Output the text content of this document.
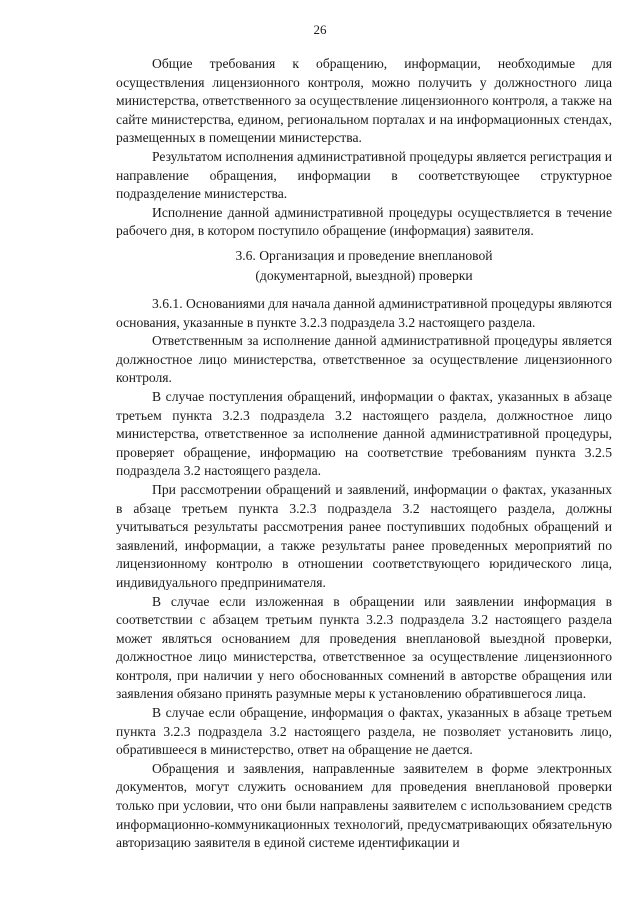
26

Общие требования к обращению, информации, необходимые для осуществления лицензионного контроля, можно получить у должностного лица министерства, ответственного за осуществление лицензионного контроля, а также на сайте министерства, едином, региональном порталах и на информационных стендах, размещенных в помещении министерства.

Результатом исполнения административной процедуры является регистрация и направление обращения, информации в соответствующее структурное подразделение министерства.

Исполнение данной административной процедуры осуществляется в течение рабочего дня, в котором поступило обращение (информация) заявителя.

3.6. Организация и проведение внеплановой
(документарной, выездной) проверки

3.6.1. Основаниями для начала данной административной процедуры являются основания, указанные в пункте 3.2.3 подраздела 3.2 настоящего раздела.

Ответственным за исполнение данной административной процедуры является должностное лицо министерства, ответственное за осуществление лицензионного контроля.

В случае поступления обращений, информации о фактах, указанных в абзаце третьем пункта 3.2.3 подраздела 3.2 настоящего раздела, должностное лицо министерства, ответственное за исполнение данной административной процедуры, проверяет обращение, информацию на соответствие требованиям пункта 3.2.5 подраздела 3.2 настоящего раздела.

При рассмотрении обращений и заявлений, информации о фактах, указанных в абзаце третьем пункта 3.2.3 подраздела 3.2 настоящего раздела, должны учитываться результаты рассмотрения ранее поступивших подобных обращений и заявлений, информации, а также результаты ранее проведенных мероприятий по лицензионному контролю в отношении соответствующего юридического лица, индивидуального предпринимателя.

В случае если изложенная в обращении или заявлении информация в соответствии с абзацем третьим пункта 3.2.3 подраздела 3.2 настоящего раздела может являться основанием для проведения внеплановой выездной проверки, должностное лицо министерства, ответственное за осуществление лицензионного контроля, при наличии у него обоснованных сомнений в авторстве обращения или заявления обязано принять разумные меры к установлению обратившегося лица.

В случае если обращение, информация о фактах, указанных в абзаце третьем пункта 3.2.3 подраздела 3.2 настоящего раздела, не позволяет установить лицо, обратившееся в министерство, ответ на обращение не дается.

Обращения и заявления, направленные заявителем в форме электронных документов, могут служить основанием для проведения внеплановой проверки только при условии, что они были направлены заявителем с использованием средств информационно-коммуникационных технологий, предусматривающих обязательную авторизацию заявителя в единой системе идентификации и
